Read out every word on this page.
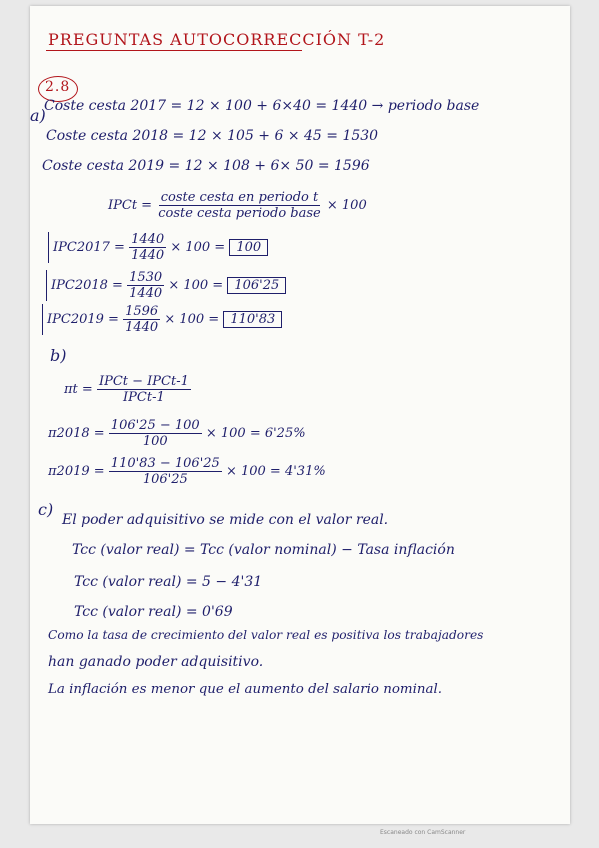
PREGUNTAS AUTOCORRECCIÓN T-2
2.8
a)
Coste cesta 2017 = 12 × 100 + 6×40 = 1440 → periodo base
Coste cesta 2018 = 12 × 105 + 6 × 45 = 1530
Coste cesta 2019 = 12 × 108 + 6× 50 = 1596
IPCt = $\frac{\text{coste cesta en periodo t}}{\text{coste cesta periodo base}} \times 100$
$IPC2017 = \frac{1440}{1440} \times 100 = 100$
$IPC2018 = \frac{1530}{1440} \times 100 = 106'25$
$IPC2019 = \frac{1596}{1440} \times 100 = 110'83$
b)
$\pi t = \frac{\text{IPCt − IPCt-1}}{\text{IPCt-1}}$
$\pi 2018 = \frac{106'25 - 100}{100} \times 100 = 6'25\%$
$\pi 2019 = \frac{110'83 - 106'25}{106'25} \times 100 = 4'31\%$
c)
El poder adquisitivo se mide con el valor real.
Tcc (valor real) = Tcc (valor nominal) − Tasa inflación
Tcc (valor real) = 5 − 4'31
Tcc (valor real) = 0'69
Como la tasa de crecimiento del valor real es positiva los trabajadores
han ganado poder adquisitivo.
La inflación es menor que el aumento del salario nominal.
Escaneado con CamScanner
